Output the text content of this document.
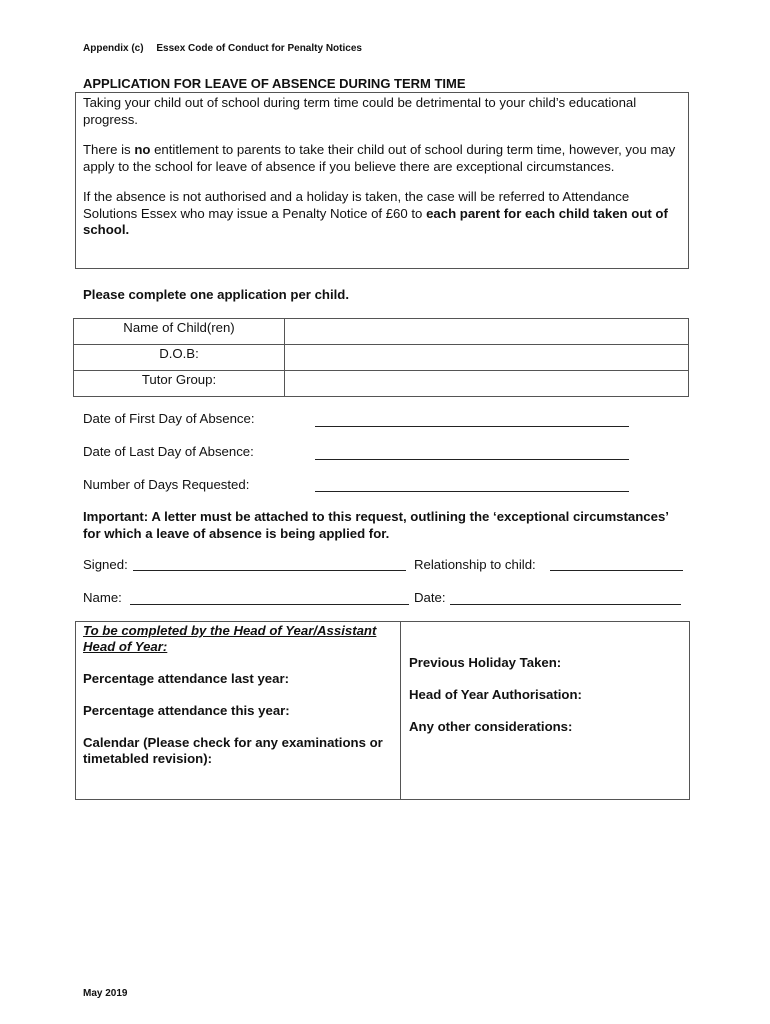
Appendix (c) Essex Code of Conduct for Penalty Notices
APPLICATION FOR LEAVE OF ABSENCE DURING TERM TIME

Taking your child out of school during term time could be detrimental to your child’s educational progress.

There is no entitlement to parents to take their child out of school during term time, however, you may apply to the school for leave of absence if you believe there are exceptional circumstances.

If the absence is not authorised and a holiday is taken, the case will be referred to Attendance Solutions Essex who may issue a Penalty Notice of £60 to each parent for each child taken out of school.

Please complete one application per child.
Name of Child(ren)	
D.O.B:	
Tutor Group:	
Date of First Day of Absence:
Date of Last Day of Absence:
Number of Days Requested:
Important: A letter must be attached to this request, outlining the ‘exceptional circumstances’ for which a leave of absence is being applied for.
Signed:	Relationship to child:
Name:	Date:

To be completed by the Head of Year/Assistant Head of Year:

Percentage attendance last year:

Percentage attendance this year:

Calendar (Please check for any examinations or timetabled revision):

Previous Holiday Taken:

Head of Year Authorisation:

Any other considerations:

May 2019
